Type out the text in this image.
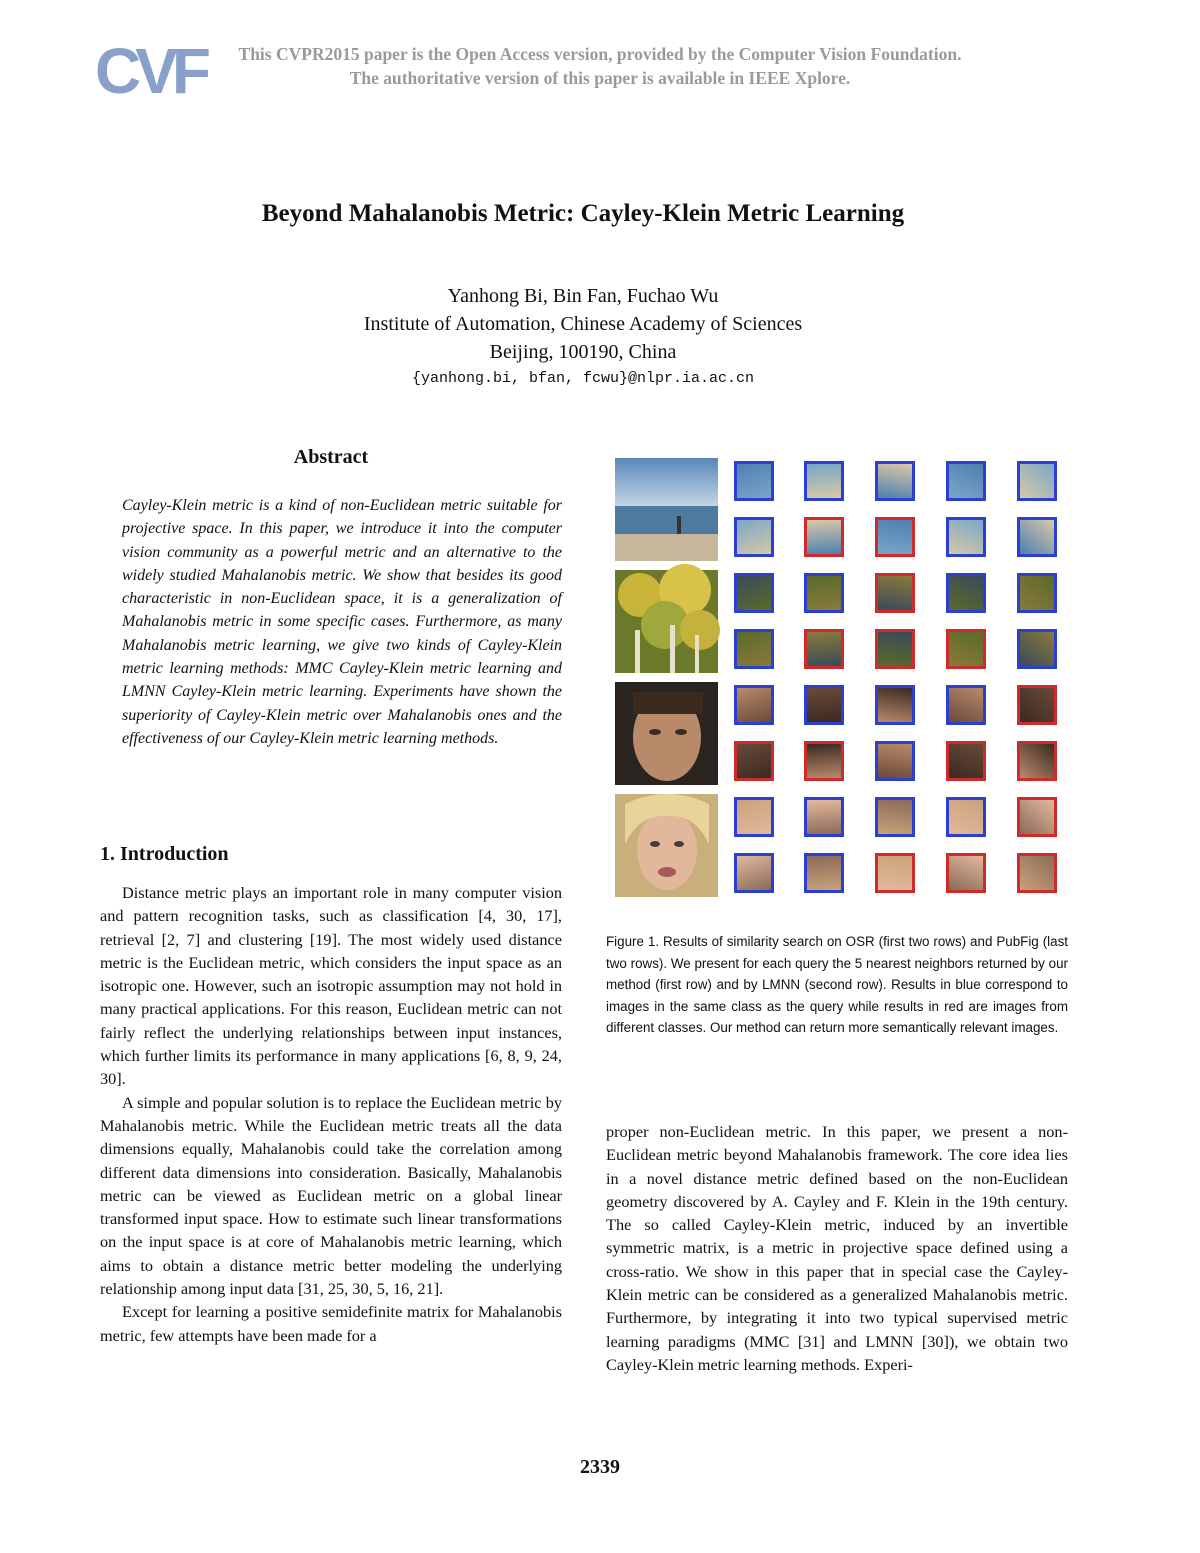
CVF	This CVPR2015 paper is the Open Access version, provided by the Computer Vision Foundation.
The authoritative version of this paper is available in IEEE Xplore.
Beyond Mahalanobis Metric: Cayley-Klein Metric Learning
Yanhong Bi, Bin Fan, Fuchao Wu
Institute of Automation, Chinese Academy of Sciences
Beijing, 100190, China
{yanhong.bi, bfan, fcwu}@nlpr.ia.ac.cn
Abstract

Cayley-Klein metric is a kind of non-Euclidean metric suitable for projective space. In this paper, we introduce it into the computer vision community as a powerful metric and an alternative to the widely studied Mahalanobis metric. We show that besides its good characteristic in non-Euclidean space, it is a generalization of Mahalanobis metric in some specific cases. Furthermore, as many Mahalanobis metric learning, we give two kinds of Cayley-Klein metric learning methods: MMC Cayley-Klein metric learning and LMNN Cayley-Klein metric learning. Experiments have shown the superiority of Cayley-Klein metric over Mahalanobis ones and the effectiveness of our Cayley-Klein metric learning methods.

1. Introduction

Distance metric plays an important role in many computer vision and pattern recognition tasks, such as classification [4, 30, 17], retrieval [2, 7] and clustering [19]. The most widely used distance metric is the Euclidean metric, which considers the input space as an isotropic one. However, such an isotropic assumption may not hold in many practical applications. For this reason, Euclidean metric can not fairly reflect the underlying relationships between input instances, which further limits its performance in many applications [6, 8, 9, 24, 30].

A simple and popular solution is to replace the Euclidean metric by Mahalanobis metric. While the Euclidean metric treats all the data dimensions equally, Mahalanobis could take the correlation among different data dimensions into consideration. Basically, Mahalanobis metric can be viewed as Euclidean metric on a global linear transformed input space. How to estimate such linear transformations on the input space is at core of Mahalanobis metric learning, which aims to obtain a distance metric better modeling the underlying relationship among input data [31, 25, 30, 5, 16, 21].

Except for learning a positive semidefinite matrix for Mahalanobis metric, few attempts have been made for a

Figure 1. Results of similarity search on OSR (first two rows) and PubFig (last two rows). We present for each query the 5 nearest neighbors returned by our method (first row) and by LMNN (second row). Results in blue correspond to images in the same class as the query while results in red are images from different classes. Our method can return more semantically relevant images.

proper non-Euclidean metric. In this paper, we present a non-Euclidean metric beyond Mahalanobis framework. The core idea lies in a novel distance metric defined based on the non-Euclidean geometry discovered by A. Cayley and F. Klein in the 19th century. The so called Cayley-Klein metric, induced by an invertible symmetric matrix, is a metric in projective space defined using a cross-ratio. We show in this paper that in special case the Cayley-Klein metric can be considered as a generalized Mahalanobis metric. Furthermore, by integrating it into two typical supervised metric learning paradigms (MMC [31] and LMNN [30]), we obtain two Cayley-Klein metric learning methods. Experi-

2339
